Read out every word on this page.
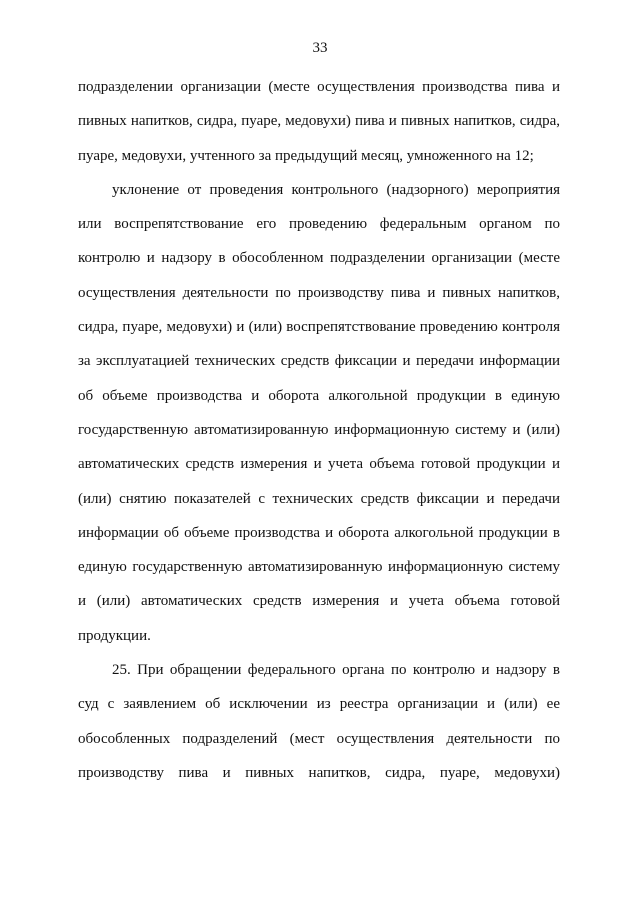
33
подразделении организации (месте осуществления производства пива и
пивных напитков, сидра, пуаре, медовухи) пива и пивных напитков, сидра,
пуаре, медовухи, учтенного за предыдущий месяц, умноженного на 12;
уклонение от проведения контрольного (надзорного) мероприятия
или воспрепятствование его проведению федеральным органом по
контролю и надзору в обособленном подразделении организации (месте
осуществления деятельности по производству пива и пивных напитков,
сидра, пуаре, медовухи) и (или) воспрепятствование проведению контроля
за эксплуатацией технических средств фиксации и передачи информации
об объеме производства и оборота алкогольной продукции в единую
государственную автоматизированную информационную систему и (или)
автоматических средств измерения и учета объема готовой продукции и
(или) снятию показателей с технических средств фиксации и передачи
информации об объеме производства и оборота алкогольной продукции в
единую государственную автоматизированную информационную систему
и (или) автоматических средств измерения и учета объема готовой
продукции.
25. При обращении федерального органа по контролю и надзору в
суд с заявлением об исключении из реестра организации и (или) ее
обособленных подразделений (мест осуществления деятельности по
производству пива и пивных напитков, сидра, пуаре, медовухи)
